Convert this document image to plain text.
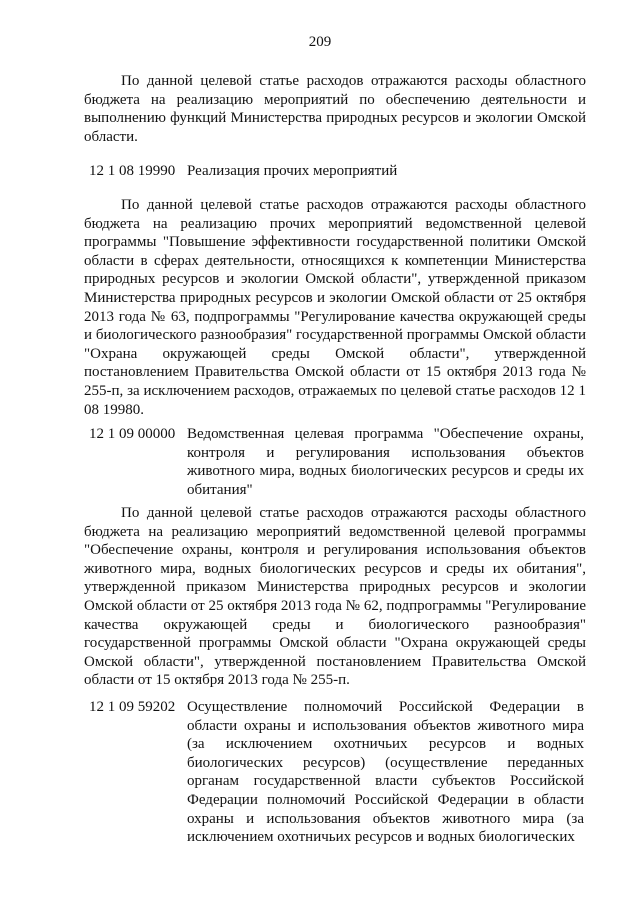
209

По данной целевой статье расходов отражаются расходы областного бюджета на реализацию мероприятий по обеспечению деятельности и выполнению функций Министерства природных ресурсов и экологии Омской области.

12 1 08 19990 Реализация прочих мероприятий

По данной целевой статье расходов отражаются расходы областного бюджета на реализацию прочих мероприятий ведомственной целевой программы "Повышение эффективности государственной политики Омской области в сферах деятельности, относящихся к компетенции Министерства природных ресурсов и экологии Омской области", утвержденной приказом Министерства природных ресурсов и экологии Омской области от 25 октября 2013 года № 63, подпрограммы "Регулирование качества окружающей среды и биологического разнообразия" государственной программы Омской области "Охрана окружающей среды Омской области", утвержденной постановлением Правительства Омской области от 15 октября 2013 года № 255-п, за исключением расходов, отражаемых по целевой статье расходов 12 1 08 19980.

12 1 09 00000 Ведомственная целевая программа "Обеспечение охраны, контроля и регулирования использования объектов животного мира, водных биологических ресурсов и среды их обитания"

По данной целевой статье расходов отражаются расходы областного бюджета на реализацию мероприятий ведомственной целевой программы "Обеспечение охраны, контроля и регулирования использования объектов животного мира, водных биологических ресурсов и среды их обитания", утвержденной приказом Министерства природных ресурсов и экологии Омской области от 25 октября 2013 года № 62, подпрограммы "Регулирование качества окружающей среды и биологического разнообразия" государственной программы Омской области "Охрана окружающей среды Омской области", утвержденной постановлением Правительства Омской области от 15 октября 2013 года № 255-п.

12 1 09 59202 Осуществление полномочий Российской Федерации в области охраны и использования объектов животного мира (за исключением охотничьих ресурсов и водных биологических ресурсов) (осуществление переданных органам государственной власти субъектов Российской Федерации полномочий Российской Федерации в области охраны и использования объектов животного мира (за исключением охотничьих ресурсов и водных биологических
